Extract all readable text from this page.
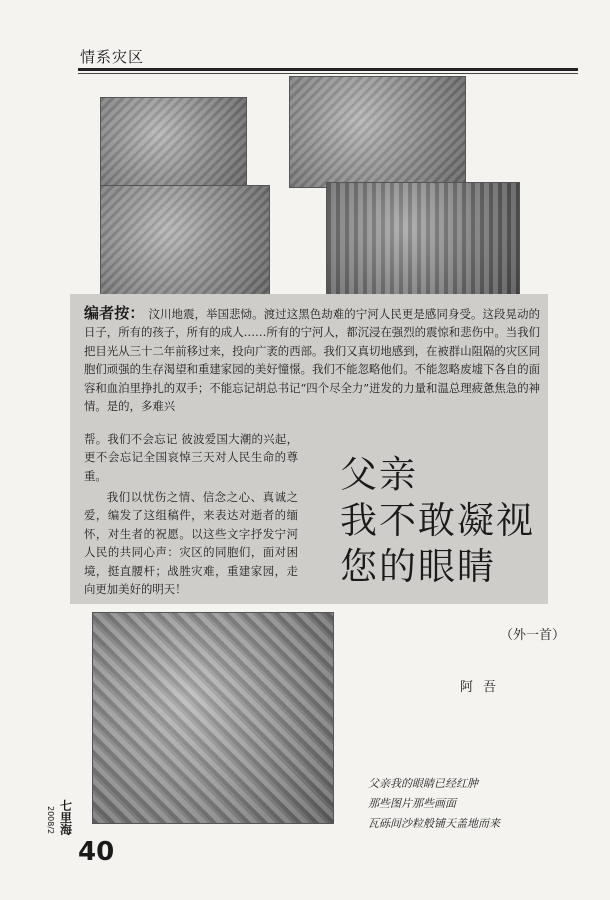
情系灾区
编者按： 汶川地震，举国悲恸。渡过这黑色劫难的宁河人民更是感同身受。这段晃动的日子，所有的孩子，所有的成人……所有的宁河人，都沉浸在强烈的震惊和悲伤中。当我们把目光从三十二年前移过来，投向广袤的西部。我们又真切地感到，在被群山阻隔的灾区同胞们顽强的生存渴望和重建家园的美好憧憬。我们不能忽略他们。不能忽略废墟下各自的面容和血泊里挣扎的双手；不能忘记胡总书记“四个尽全力”迸发的力量和温总理疲惫焦急的神情。是的，多难兴
帮。我们不会忘记 彼波爱国大潮的兴起，更不会忘记全国哀悼三天对人民生命的尊重。
我们以忧伤之情、信念之心、真诚之爱，编发了这组稿件，来表达对逝者的缅怀，对生者的祝愿。以这些文字抒发宁河人民的共同心声：灾区的同胞们，面对困境，挺直腰杆；战胜灾难，重建家园，走向更加美好的明天！
父亲
我不敢凝视
您的眼睛
（外一首）
阿吾
父亲我的眼睛已经红肿
那些图片那些画面
瓦砾间沙粒般铺天盖地而来
七里海
2008/2
40
